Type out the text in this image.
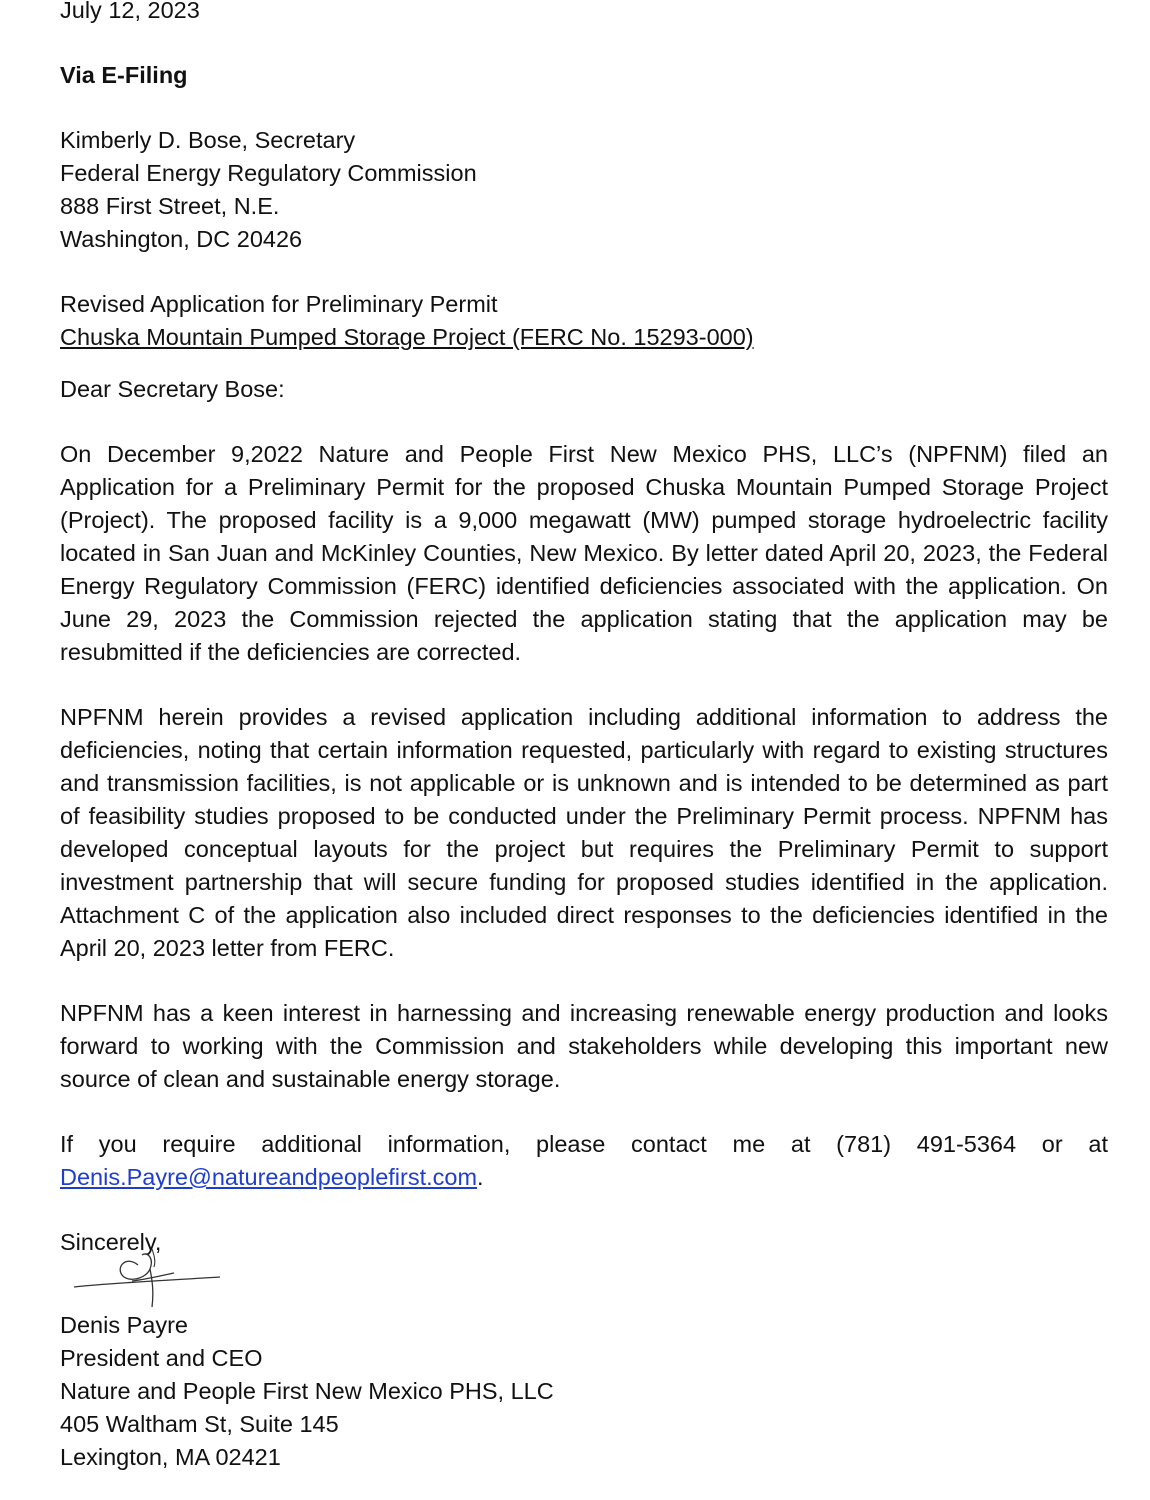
July 12, 2023

Via E-Filing

Kimberly D. Bose, Secretary

Federal Energy Regulatory Commission

888 First Street, N.E.

Washington, DC 20426

Revised Application for Preliminary Permit

Chuska Mountain Pumped Storage Project (FERC No. 15293-000)

Dear Secretary Bose:

On December 9,2022 Nature and People First New Mexico PHS, LLC’s (NPFNM) filed an Application for a Preliminary Permit for the proposed Chuska Mountain Pumped Storage Project (Project). The proposed facility is a 9,000 megawatt (MW) pumped storage hydroelectric facility located in San Juan and McKinley Counties, New Mexico. By letter dated April 20, 2023, the Federal Energy Regulatory Commission (FERC) identified deficiencies associated with the application. On June 29, 2023 the Commission rejected the application stating that the application may be resubmitted if the deficiencies are corrected.

NPFNM herein provides a revised application including additional information to address the deficiencies, noting that certain information requested, particularly with regard to existing structures and transmission facilities, is not applicable or is unknown and is intended to be determined as part of feasibility studies proposed to be conducted under the Preliminary Permit process. NPFNM has developed conceptual layouts for the project but requires the Preliminary Permit to support investment partnership that will secure funding for proposed studies identified in the application. Attachment C of the application also included direct responses to the deficiencies identified in the April 20, 2023 letter from FERC.

NPFNM has a keen interest in harnessing and increasing renewable energy production and looks forward to working with the Commission and stakeholders while developing this important new source of clean and sustainable energy storage.

If you require additional information, please contact me at (781) 491-5364 or at Denis.Payre@natureandpeoplefirst.com.

Sincerely,

Denis Payre

President and CEO

Nature and People First New Mexico PHS, LLC

405 Waltham St, Suite 145

Lexington, MA 02421
